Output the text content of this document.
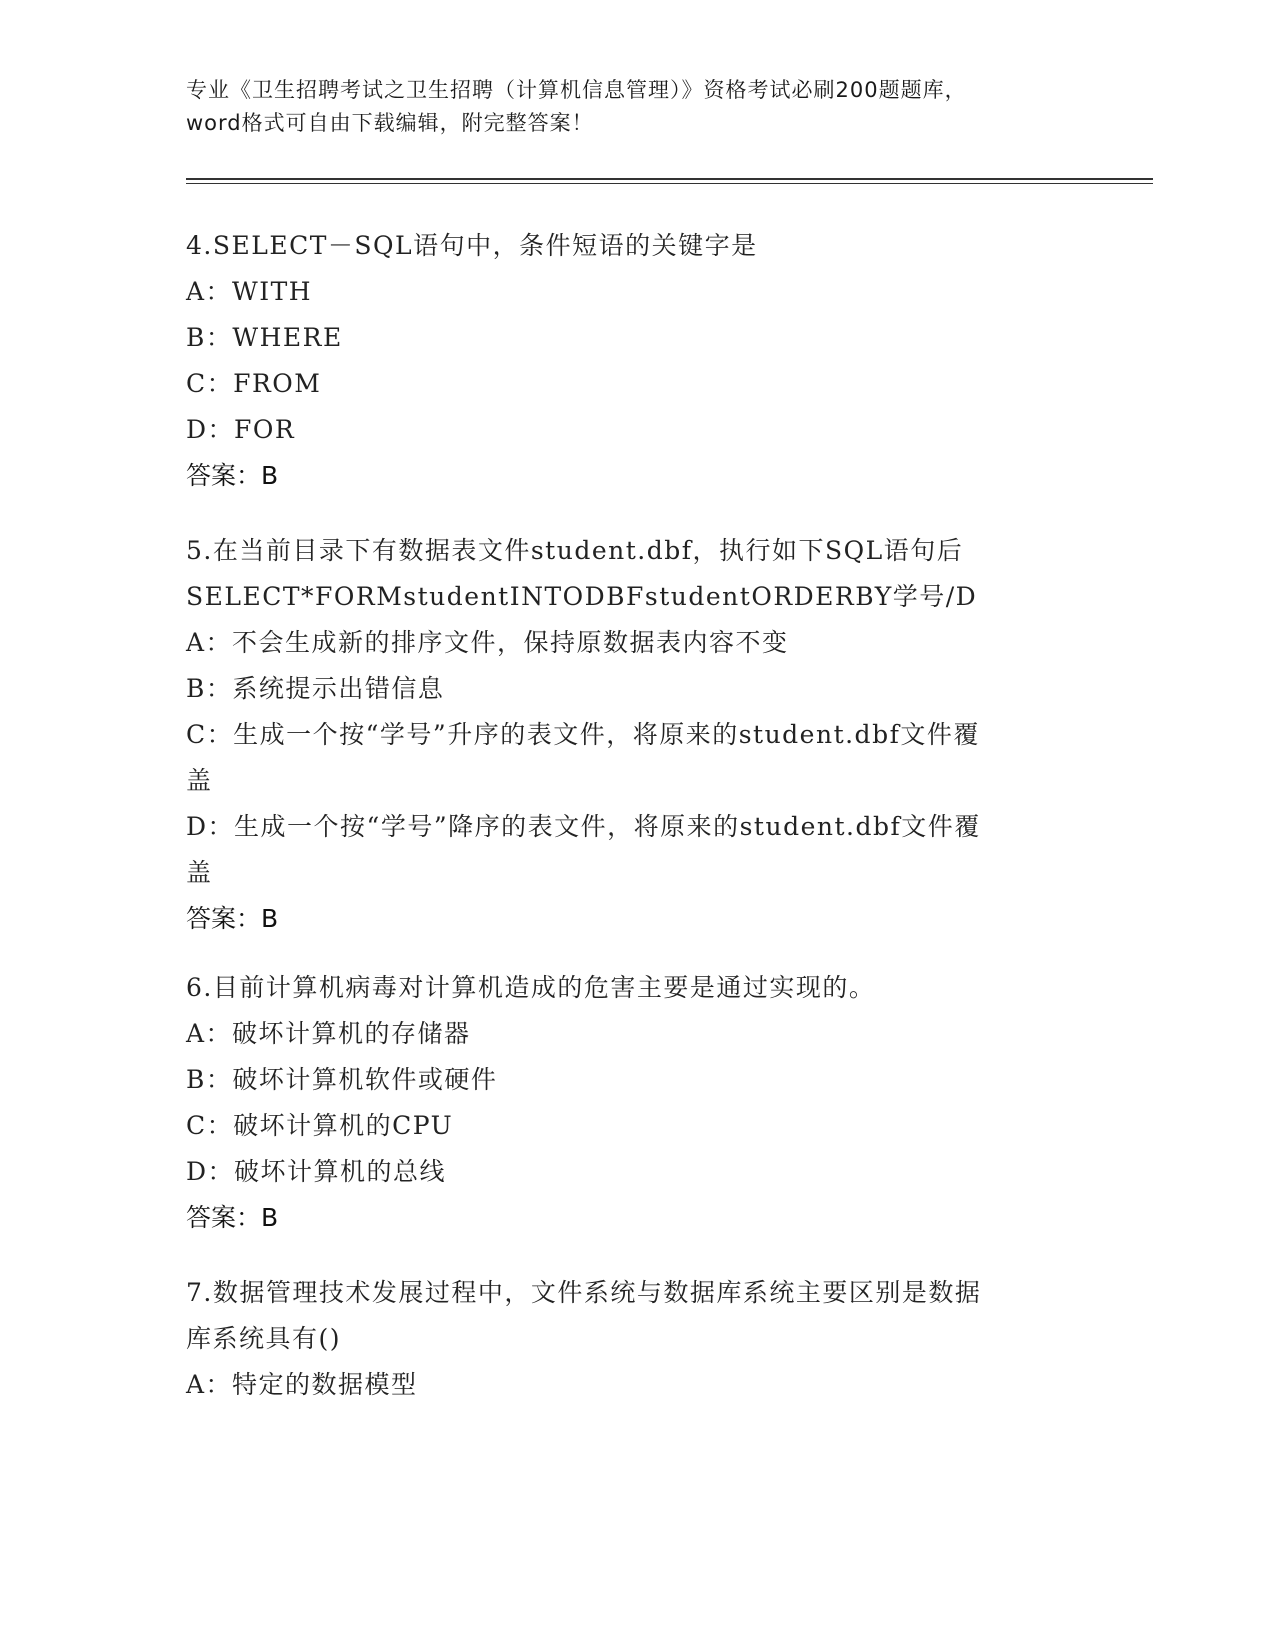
专业《卫生招聘考试之卫生招聘（计算机信息管理）》资格考试必刷200题题库，
word格式可自由下载编辑，附完整答案！
4.SELECT－SQL语句中，条件短语的关键字是
A：WITH
B：WHERE
C：FROM
D：FOR
答案：B
5.在当前目录下有数据表文件student.dbf，执行如下SQL语句后
SELECT*FORMstudentINTODBFstudentORDERBY学号/D
A：不会生成新的排序文件，保持原数据表内容不变
B：系统提示出错信息
C：生成一个按“学号”升序的表文件，将原来的student.dbf文件覆
盖
D：生成一个按“学号”降序的表文件，将原来的student.dbf文件覆
盖
答案：B
6.目前计算机病毒对计算机造成的危害主要是通过实现的。
A：破坏计算机的存储器
B：破坏计算机软件或硬件
C：破坏计算机的CPU
D：破坏计算机的总线
答案：B
7.数据管理技术发展过程中，文件系统与数据库系统主要区别是数据
库系统具有()
A：特定的数据模型
